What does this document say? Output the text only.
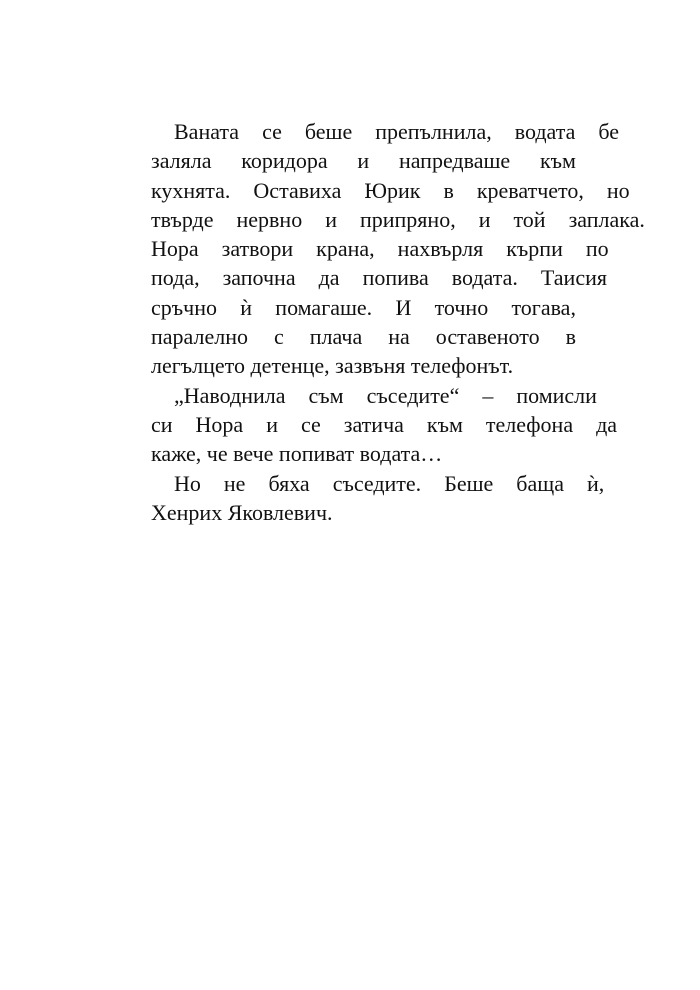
Ваната	се	беше	препълнила,	водата	бе
заляла	коридора	и	напредваше	към
кухнята.	Оставиха	Юрик	в	креватчето,	но
твърде	нервно	и	припряно,	и	той	заплака.
Нора	затвори	крана,	нахвърля	кърпи	по
пода,	започна	да	попива	водата.	Таисия
сръчно	ѝ	помагаше.	И	точно	тогава,
паралелно	с	плача	на	оставеното	в
легълцето детенце, зазвъня телефонът.
„Наводнила	съм	съседите“	–	помисли
си	Нора	и	се	затича	към	телефона	да
каже, че вече попиват водата…
Но	не	бяха	съседите.	Беше	баща	ѝ,
Хенрих Яковлевич.
